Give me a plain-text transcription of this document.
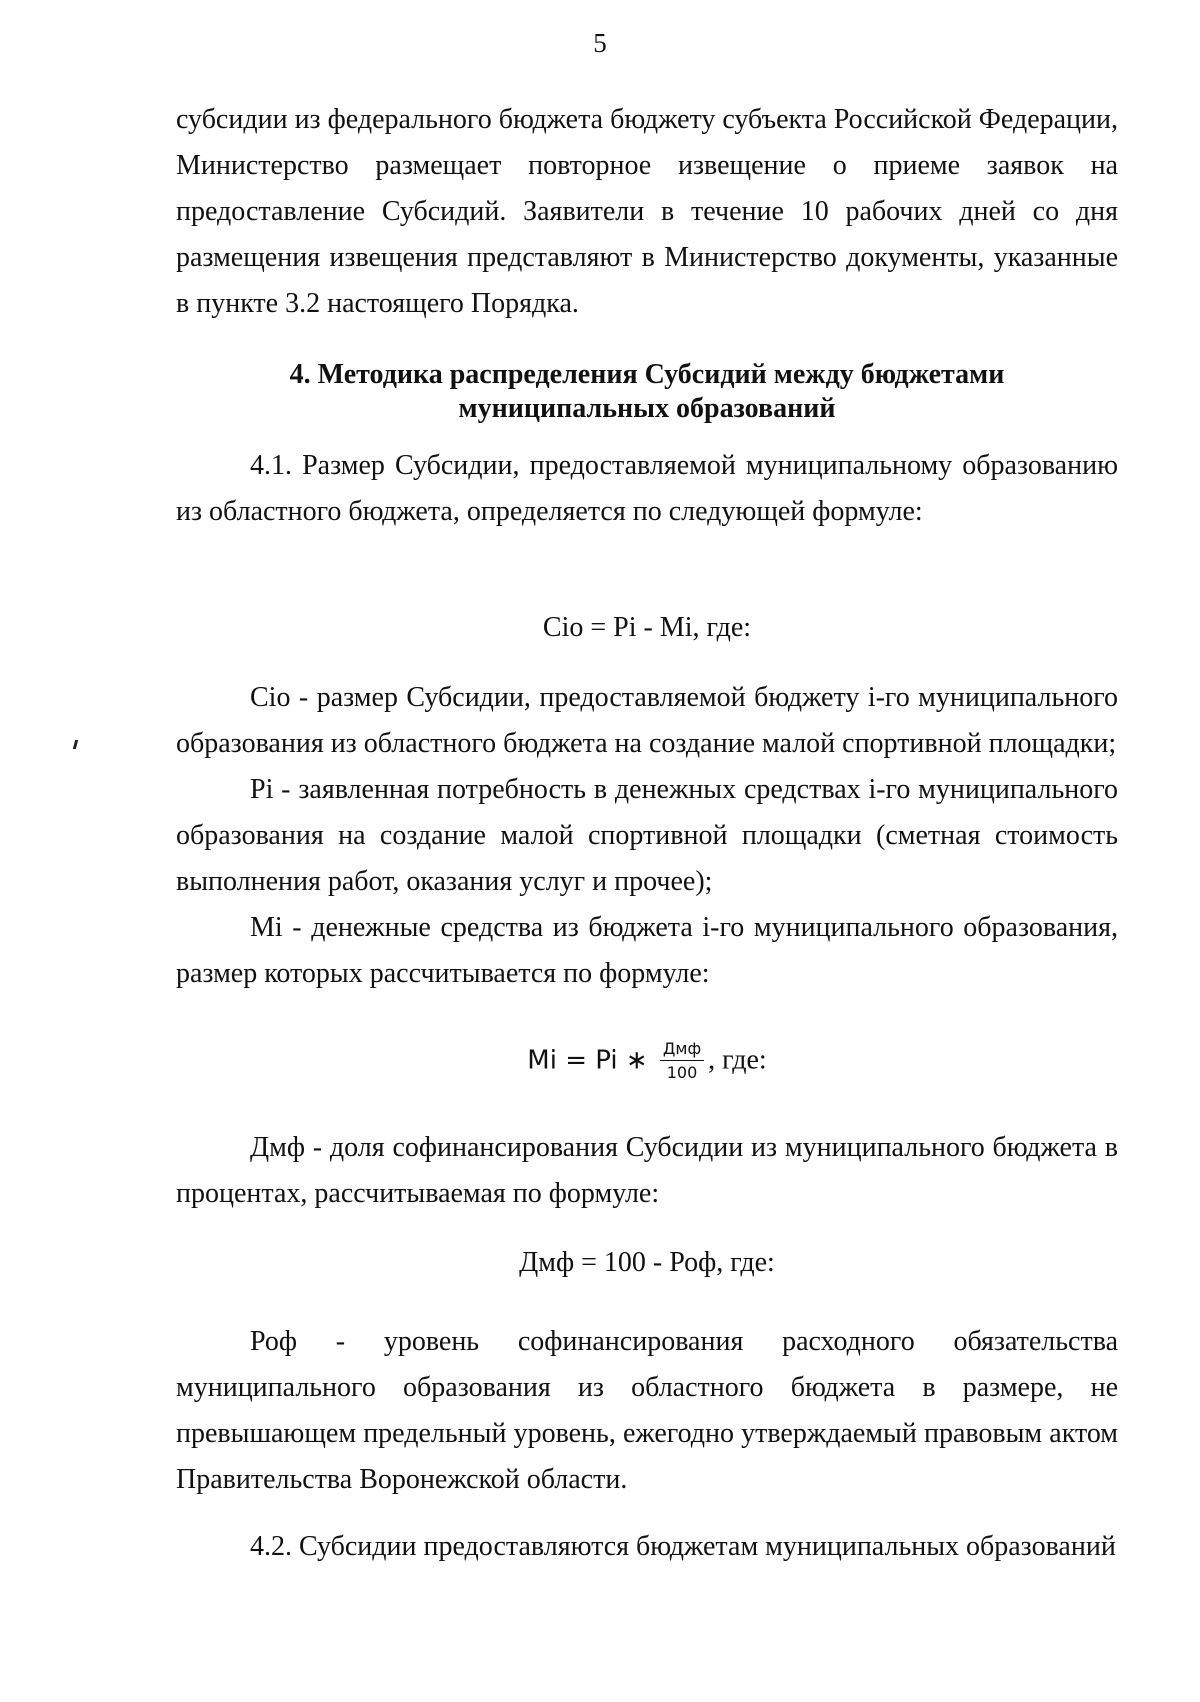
5

субсидии из федерального бюджета бюджету субъекта Российской Федерации, Министерство размещает повторное извещение о приеме заявок на предоставление Субсидий. Заявители в течение 10 рабочих дней со дня размещения извещения представляют в Министерство документы, указанные в пункте 3.2 настоящего Порядка.

4. Методика распределения Субсидий между бюджетами
муниципальных образований

4.1. Размер Субсидии, предоставляемой муниципальному образованию из областного бюджета, определяется по следующей формуле:

Cio = Pi - Mi, где:

Cio - размер Субсидии, предоставляемой бюджету i-го муниципального образования из областного бюджета на создание малой спортивной площадки;

Pi - заявленная потребность в денежных средствах i-го муниципального образования на создание малой спортивной площадки (сметная стоимость выполнения работ, оказания услуг и прочее);

Mi - денежные средства из бюджета i-го муниципального образования, размер которых рассчитывается по формуле:

Mi = Pi ∗ $\frac{\text{Дмф}}{100}$ , где:

Дмф - доля софинансирования Субсидии из муниципального бюджета в процентах, рассчитываемая по формуле:

Дмф = 100 - Роф, где:

Роф - уровень софинансирования расходного обязательства муниципального образования из областного бюджета в размере, не превышающем предельный уровень, ежегодно утверждаемый правовым актом Правительства Воронежской области.

4.2. Субсидии предоставляются бюджетам муниципальных образований
